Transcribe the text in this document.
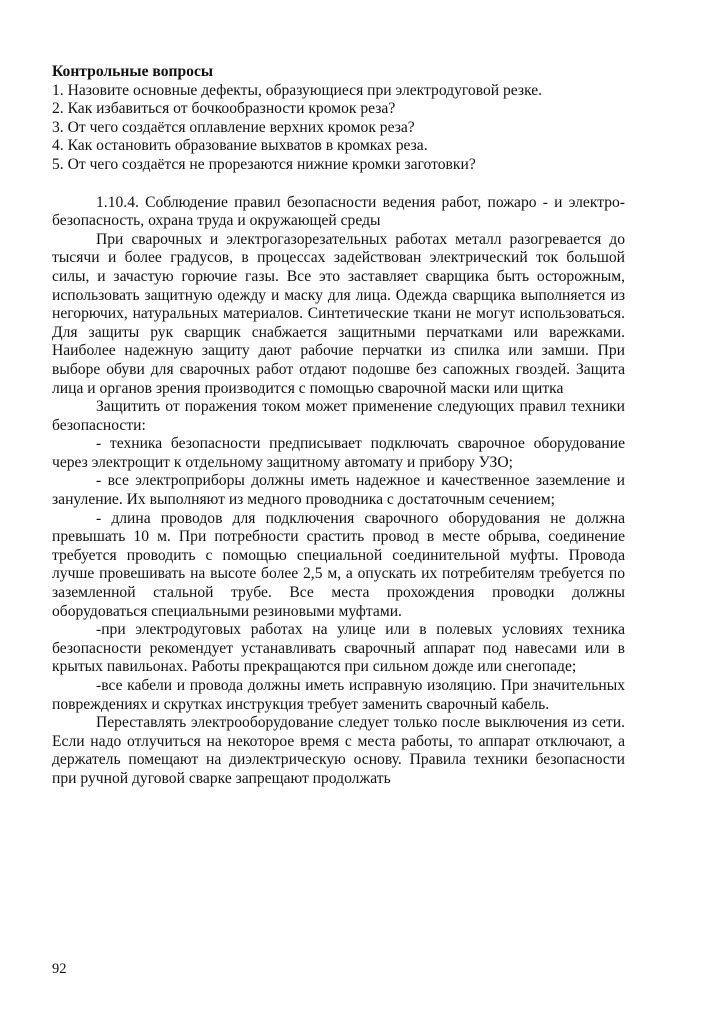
Контрольные вопросы

1. Назовите основные дефекты, образующиеся при электродуговой резке.

2. Как избавиться от бочкообразности кромок реза?

3. От чего создаётся оплавление верхних кромок реза?

4. Как остановить образование выхватов в кромках реза.

5. От чего создаётся не прорезаются нижние кромки заготовки?

1.10.4. Соблюдение правил безопасности ведения работ, пожаро - и электро-безопасность, охрана труда и окружающей среды

При сварочных и электрогазорезательных работах металл разогревается до тысячи и более градусов, в процессах задействован электрический ток большой силы, и зачастую горючие газы. Все это заставляет сварщика быть осторожным, использовать защитную одежду и маску для лица. Одежда сварщика выполняется из негорючих, натуральных материалов. Синтетические ткани не могут использоваться. Для защиты рук сварщик снабжается защитными перчатками или варежками. Наиболее надежную защиту дают рабочие перчатки из спилка или замши. При выборе обуви для сварочных работ отдают подошве без сапожных гвоздей. Защита лица и органов зрения производится с помощью сварочной маски или щитка

Защитить от поражения током может применение следующих правил техники безопасности:

- техника безопасности предписывает подключать сварочное оборудование через электрощит к отдельному защитному автомату и прибору УЗО;

- все электроприборы должны иметь надежное и качественное заземление и зануление. Их выполняют из медного проводника с достаточным сечением;

- длина проводов для подключения сварочного оборудования не должна превышать 10 м. При потребности срастить провод в месте обрыва, соединение требуется проводить с помощью специальной соединительной муфты. Провода лучше провешивать на высоте более 2,5 м, а опускать их потребителям требуется по заземленной стальной трубе. Все места прохождения проводки должны оборудоваться специальными резиновыми муфтами.

-при электродуговых работах на улице или в полевых условиях техника безопасности рекомендует устанавливать сварочный аппарат под навесами или в крытых павильонах. Работы прекращаются при сильном дожде или снегопаде;

-все кабели и провода должны иметь исправную изоляцию. При значительных повреждениях и скрутках инструкция требует заменить сварочный кабель.

Переставлять электрооборудование следует только после выключения из сети. Если надо отлучиться на некоторое время с места работы, то аппарат отключают, а держатель помещают на диэлектрическую основу. Правила техники безопасности при ручной дуговой сварке запрещают продолжать

92
